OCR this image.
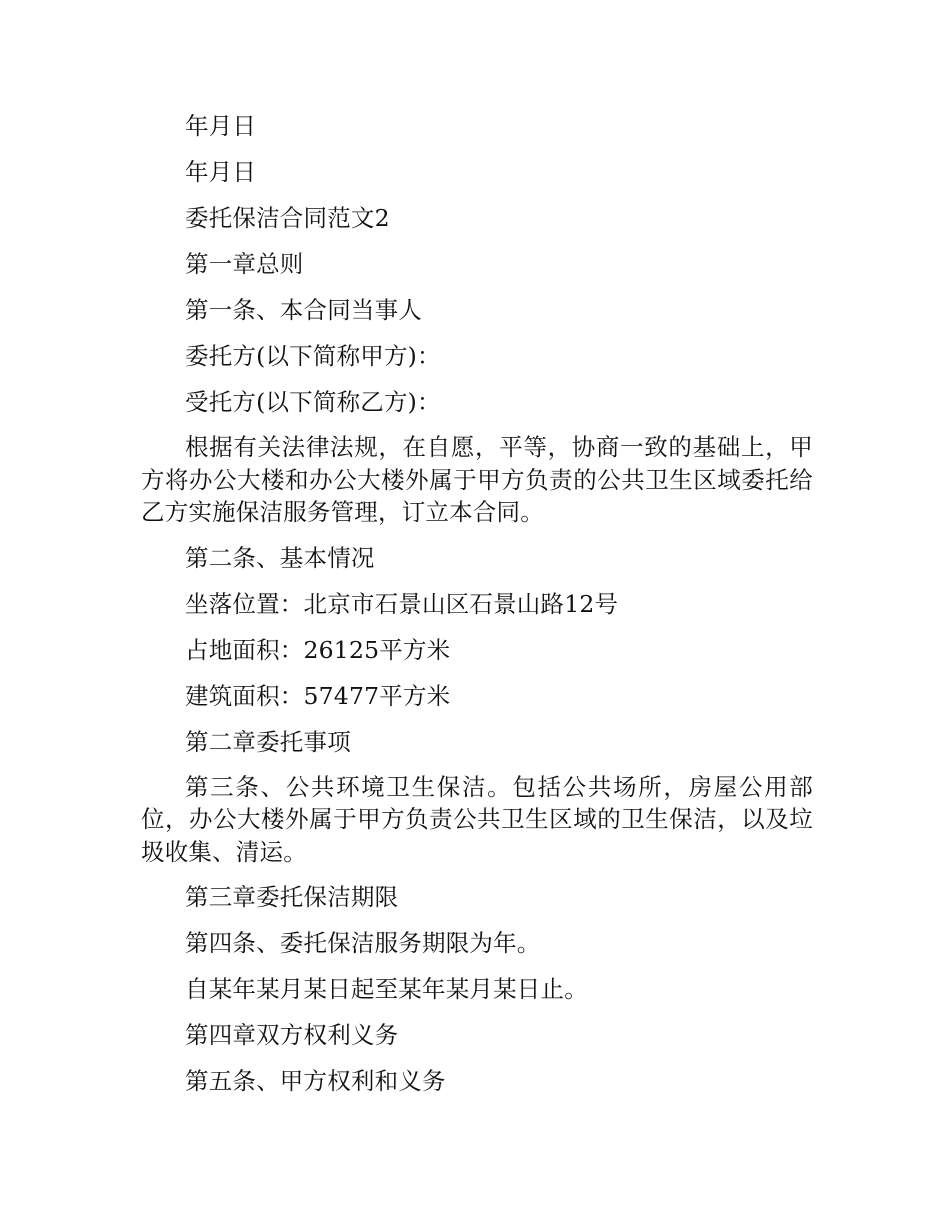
年月日

年月日

委托保洁合同范文2

第一章总则

第一条、本合同当事人

委托方(以下简称甲方)：

受托方(以下简称乙方)：

根据有关法律法规，在自愿，平等，协商一致的基础上，甲方将办公大楼和办公大楼外属于甲方负责的公共卫生区域委托给乙方实施保洁服务管理，订立本合同。

第二条、基本情况

坐落位置：北京市石景山区石景山路12号

占地面积：26125平方米

建筑面积：57477平方米

第二章委托事项

第三条、公共环境卫生保洁。包括公共场所，房屋公用部位，办公大楼外属于甲方负责公共卫生区域的卫生保洁，以及垃圾收集、清运。

第三章委托保洁期限

第四条、委托保洁服务期限为年。

自某年某月某日起至某年某月某日止。

第四章双方权利义务

第五条、甲方权利和义务
